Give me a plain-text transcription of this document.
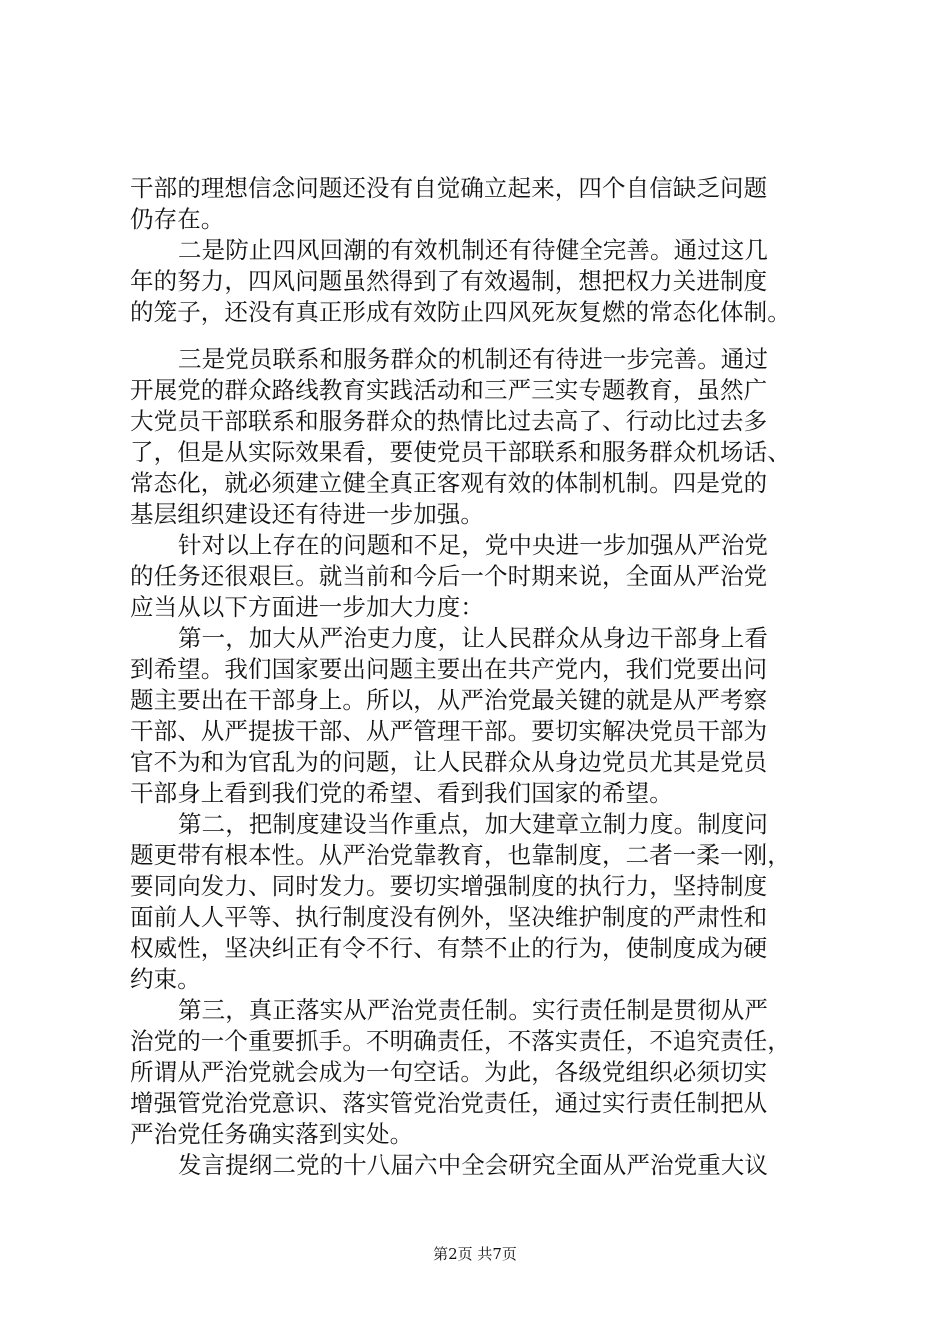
干部的理想信念问题还没有自觉确立起来，四个自信缺乏问题
仍存在。
二是防止四风回潮的有效机制还有待健全完善。通过这几
年的努力，四风问题虽然得到了有效遏制，想把权力关进制度
的笼子，还没有真正形成有效防止四风死灰复燃的常态化体制。
三是党员联系和服务群众的机制还有待进一步完善。通过
开展党的群众路线教育实践活动和三严三实专题教育，虽然广
大党员干部联系和服务群众的热情比过去高了、行动比过去多
了，但是从实际效果看，要使党员干部联系和服务群众机场话、
常态化，就必须建立健全真正客观有效的体制机制。四是党的
基层组织建设还有待进一步加强。
针对以上存在的问题和不足，党中央进一步加强从严治党
的任务还很艰巨。就当前和今后一个时期来说，全面从严治党
应当从以下方面进一步加大力度：
第一，加大从严治吏力度，让人民群众从身边干部身上看
到希望。我们国家要出问题主要出在共产党内，我们党要出问
题主要出在干部身上。所以，从严治党最关键的就是从严考察
干部、从严提拔干部、从严管理干部。要切实解决党员干部为
官不为和为官乱为的问题，让人民群众从身边党员尤其是党员
干部身上看到我们党的希望、看到我们国家的希望。
第二，把制度建设当作重点，加大建章立制力度。制度问
题更带有根本性。从严治党靠教育，也靠制度，二者一柔一刚，
要同向发力、同时发力。要切实增强制度的执行力，坚持制度
面前人人平等、执行制度没有例外，坚决维护制度的严肃性和
权威性，坚决纠正有令不行、有禁不止的行为，使制度成为硬
约束。
第三，真正落实从严治党责任制。实行责任制是贯彻从严
治党的一个重要抓手。不明确责任，不落实责任，不追究责任，
所谓从严治党就会成为一句空话。为此，各级党组织必须切实
增强管党治党意识、落实管党治党责任，通过实行责任制把从
严治党任务确实落到实处。
发言提纲二党的十八届六中全会研究全面从严治党重大议
第2页 共7页
